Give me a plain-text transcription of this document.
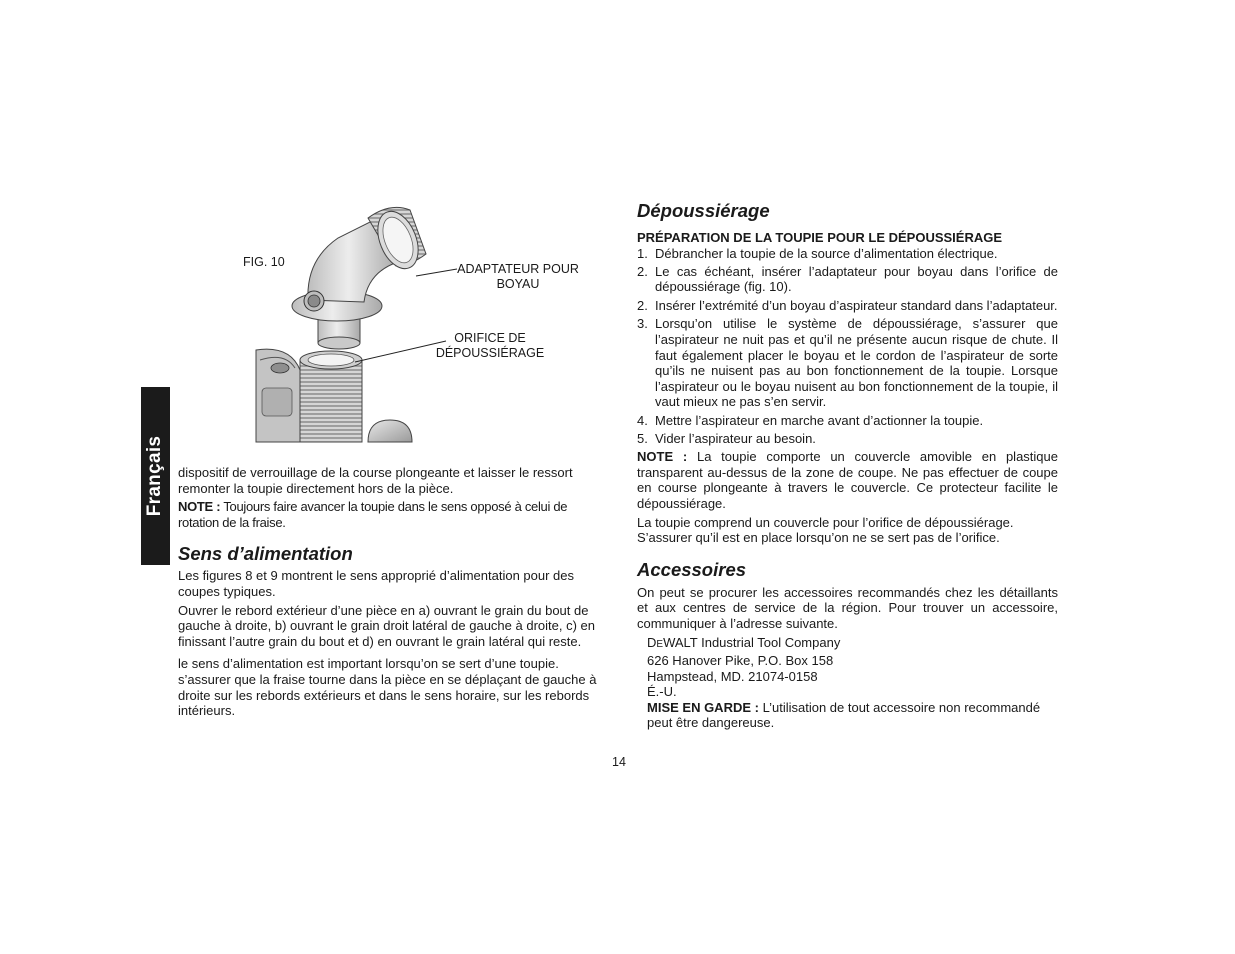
Français
FIG. 10	ADAPTATEUR POUR
BOYAU
ORIFICE DE
DÉPOUSSIÉRAGE

dispositif de verrouillage de la course plongeante et laisser le ressort remonter la toupie directement hors de la pièce.

NOTE : Toujours faire avancer la toupie dans le sens opposé à celui de rotation de la fraise.

Sens d’alimentation

Les figures 8 et 9 montrent le sens approprié d’alimentation pour des coupes typiques.

Ouvrer le rebord extérieur d’une pièce en a) ouvrant le grain du bout de gauche à droite, b) ouvrant le grain droit latéral de gauche à droite, c) en finissant l’autre grain du bout et d) en ouvrant le grain latéral qui reste.

le sens d’alimentation est important lorsqu’on se sert d’une toupie. s’assurer que la fraise tourne dans la pièce en se déplaçant de gauche à droite sur les rebords extérieurs et dans le sens horaire, sur les rebords intérieurs.

Dépoussiérage
PRÉPARATION DE LA TOUPIE POUR LE DÉPOUSSIÉRAGE
1. Débrancher la toupie de la source d’alimentation électrique.
2. Le cas échéant, insérer l’adaptateur pour boyau dans l’orifice de dépoussiérage (fig. 10).
2. Insérer l’extrémité d’un boyau d’aspirateur standard dans l’adaptateur.
3. Lorsqu’on utilise le système de dépoussiérage, s’assurer que l’aspirateur ne nuit pas et qu’il ne présente aucun risque de chute. Il faut également placer le boyau et le cordon de l’aspirateur de sorte qu’ils ne nuisent pas au bon fonctionnement de la toupie. Lorsque l’aspirateur ou le boyau nuisent au bon fonctionnement de la toupie, il vaut mieux ne pas s’en servir.
4. Mettre l’aspirateur en marche avant d’actionner la toupie.
5. Vider l’aspirateur au besoin.

NOTE : La toupie comporte un couvercle amovible en plastique transparent au-dessus de la zone de coupe. Ne pas effectuer de coupe en course plongeante à travers le couvercle. Ce protecteur facilite le dépoussiérage.

La toupie comprend un couvercle pour l’orifice de dépoussiérage. S’assurer qu’il est en place lorsqu’on ne se sert pas de l’orifice.

Accessoires

On peut se procurer les accessoires recommandés chez les détaillants et aux centres de service de la région. Pour trouver un accessoire, communiquer à l’adresse suivante.

DEWALT Industrial Tool Company
626 Hanover Pike, P.O. Box 158
Hampstead, MD. 21074-0158
É.-U.

MISE EN GARDE : L’utilisation de tout accessoire non recommandé peut être dangereuse.

14
